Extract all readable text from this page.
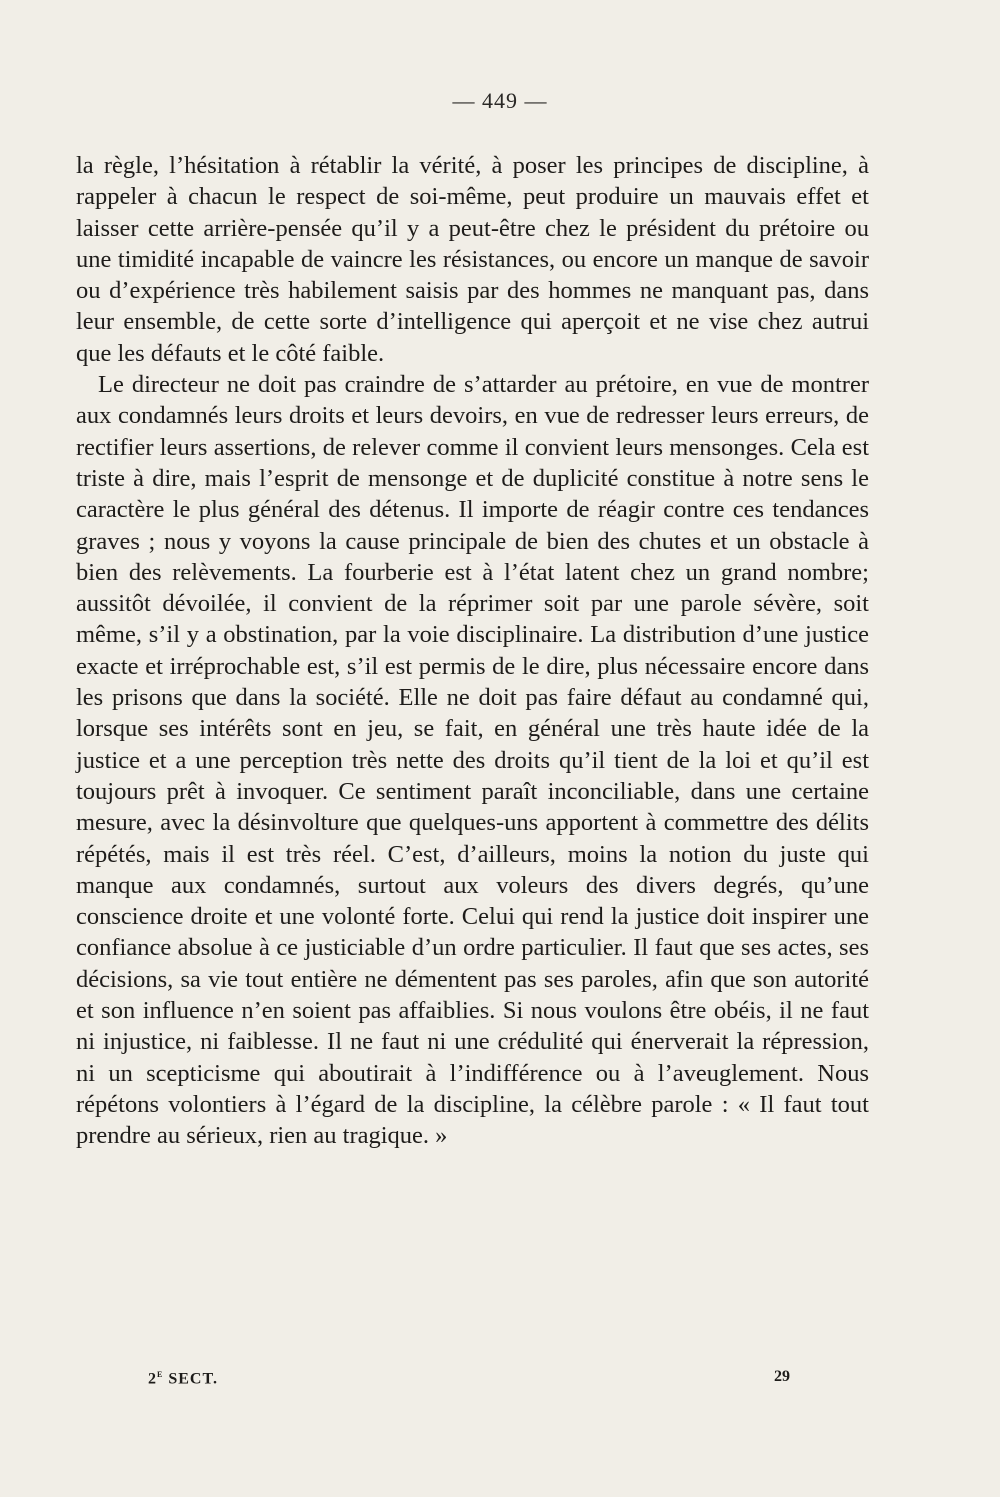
— 449 —

la règle, l’hésitation à rétablir la vérité, à poser les principes de discipline, à rappeler à chacun le respect de soi-même, peut produire un mauvais effet et laisser cette arrière-pensée qu’il y a peut-être chez le président du prétoire ou une timidité incapable de vaincre les résistances, ou encore un manque de savoir ou d’expérience très habilement saisis par des hommes ne manquant pas, dans leur ensemble, de cette sorte d’intelligence qui aperçoit et ne vise chez autrui que les défauts et le côté faible.

Le directeur ne doit pas craindre de s’attarder au prétoire, en vue de montrer aux condamnés leurs droits et leurs devoirs, en vue de redresser leurs erreurs, de rectifier leurs assertions, de relever comme il convient leurs mensonges. Cela est triste à dire, mais l’esprit de mensonge et de duplicité constitue à notre sens le caractère le plus général des détenus. Il importe de réagir contre ces tendances graves ; nous y voyons la cause principale de bien des chutes et un obstacle à bien des relèvements. La fourberie est à l’état latent chez un grand nombre; aussitôt dévoilée, il convient de la réprimer soit par une parole sévère, soit même, s’il y a obstination, par la voie disciplinaire. La distribution d’une justice exacte et irréprochable est, s’il est permis de le dire, plus nécessaire encore dans les prisons que dans la société. Elle ne doit pas faire défaut au condamné qui, lorsque ses intérêts sont en jeu, se fait, en général une très haute idée de la justice et a une perception très nette des droits qu’il tient de la loi et qu’il est toujours prêt à invoquer. Ce sentiment paraît inconciliable, dans une certaine mesure, avec la désinvolture que quelques-uns apportent à commettre des délits répétés, mais il est très réel. C’est, d’ailleurs, moins la notion du juste qui manque aux condamnés, surtout aux voleurs des divers degrés, qu’une conscience droite et une volonté forte. Celui qui rend la justice doit inspirer une confiance absolue à ce justiciable d’un ordre particulier. Il faut que ses actes, ses décisions, sa vie tout entière ne démentent pas ses paroles, afin que son autorité et son influence n’en soient pas affaiblies. Si nous voulons être obéis, il ne faut ni injustice, ni faiblesse. Il ne faut ni une crédulité qui énerverait la répression, ni un scepticisme qui aboutirait à l’indifférence ou à l’aveuglement. Nous répétons volontiers à l’égard de la discipline, la célèbre parole : « Il faut tout prendre au sérieux, rien au tragique. »

2e SECT.	29
